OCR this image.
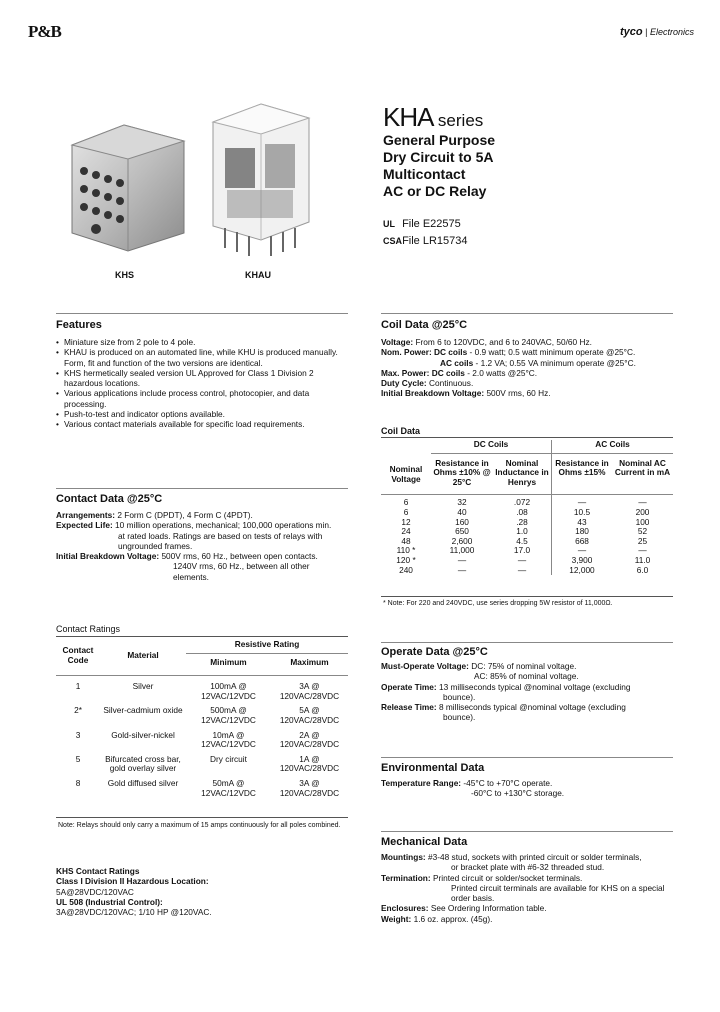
P&B	tyco | Electronics
KHS	KHAU
KHA series
General Purpose
Dry Circuit to 5A
Multicontact
AC or DC Relay
UL File E22575
CSA File LR15734
Features
• Miniature size from 2 pole to 4 pole.
• KHAU is produced on an automated line, while KHU is produced manually. Form, fit and function of the two versions are identical.
• KHS hermetically sealed version UL Approved for Class 1 Division 2 hazardous locations.
• Various applications include process control, photocopier, and data processing.
• Push-to-test and indicator options available.
• Various contact materials available for specific load requirements.
Contact Data @25°C
Arrangements: 2 Form C (DPDT), 4 Form C (4PDT).
Expected Life: 10 million operations, mechanical; 100,000 operations min.
at rated loads. Ratings are based on tests of relays with
ungrounded frames.
Initial Breakdown Voltage: 500V rms, 60 Hz., between open contacts.
1240V rms, 60 Hz., between all other
elements.
Contact Ratings
Contact Code	Material	Resistive Rating	
		Minimum	Maximum

1	Silver	100mA @ 12VAC/12VDC	3A @ 120VAC/28VDC
2*	Silver-cadmium oxide	500mA @ 12VAC/12VDC	5A @ 120VAC/28VDC
3	Gold-silver-nickel	10mA @ 12VAC/12VDC	2A @ 120VAC/28VDC
5	Bifurcated cross bar, gold overlay silver	Dry circuit	1A @ 120VAC/28VDC
8	Gold diffused silver	50mA @ 12VAC/12VDC	3A @ 120VAC/28VDC
Note: Relays should only carry a maximum of 15 amps continuously for all poles combined.
KHS Contact Ratings
Class I Division II Hazardous Location:
5A@28VDC/120VAC
UL 508 (Industrial Control):
3A@28VDC/120VAC; 1/10 HP @120VAC.
Coil Data @25°C
Voltage: From 6 to 120VDC, and 6 to 240VAC, 50/60 Hz.
Nom. Power: DC coils - 0.9 watt; 0.5 watt minimum operate @25°C.
AC coils - 1.2 VA; 0.55 VA minimum operate @25°C.
Max. Power: DC coils - 2.0 watts @25°C.
Duty Cycle: Continuous.
Initial Breakdown Voltage: 500V rms, 60 Hz.
Coil Data
	DC Coils		AC Coils	
Nominal Voltage	Resistance in Ohms ±10% @ 25°C	Nominal Inductance in Henrys	Resistance in Ohms ±15%	Nominal AC Current in mA

6	32	.072	—	—
6	40	.08	10.5	200
12	160	.28	43	100
24	650	1.0	180	52
48	2,600	4.5	668	25
110 *	11,000	17.0	—	—
120 *	—	—	3,900	11.0
240	—	—	12,000	6.0
* Note: For 220 and 240VDC, use series dropping 5W resistor of 11,000Ω.
Operate Data @25°C
Must-Operate Voltage: DC: 75% of nominal voltage.
AC: 85% of nominal voltage.
Operate Time: 13 milliseconds typical @nominal voltage (excluding
bounce).
Release Time: 8 milliseconds typical @nominal voltage (excluding
bounce).
Environmental Data
Temperature Range: -45°C to +70°C operate.
-60°C to +130°C storage.
Mechanical Data
Mountings: #3-48 stud, sockets with printed circuit or solder terminals,
or bracket plate with #6-32 threaded stud.
Termination: Printed circuit or solder/socket terminals.
Printed circuit terminals are available for KHS on a special
order basis.
Enclosures: See Ordering Information table.
Weight: 1.6 oz. approx. (45g).
